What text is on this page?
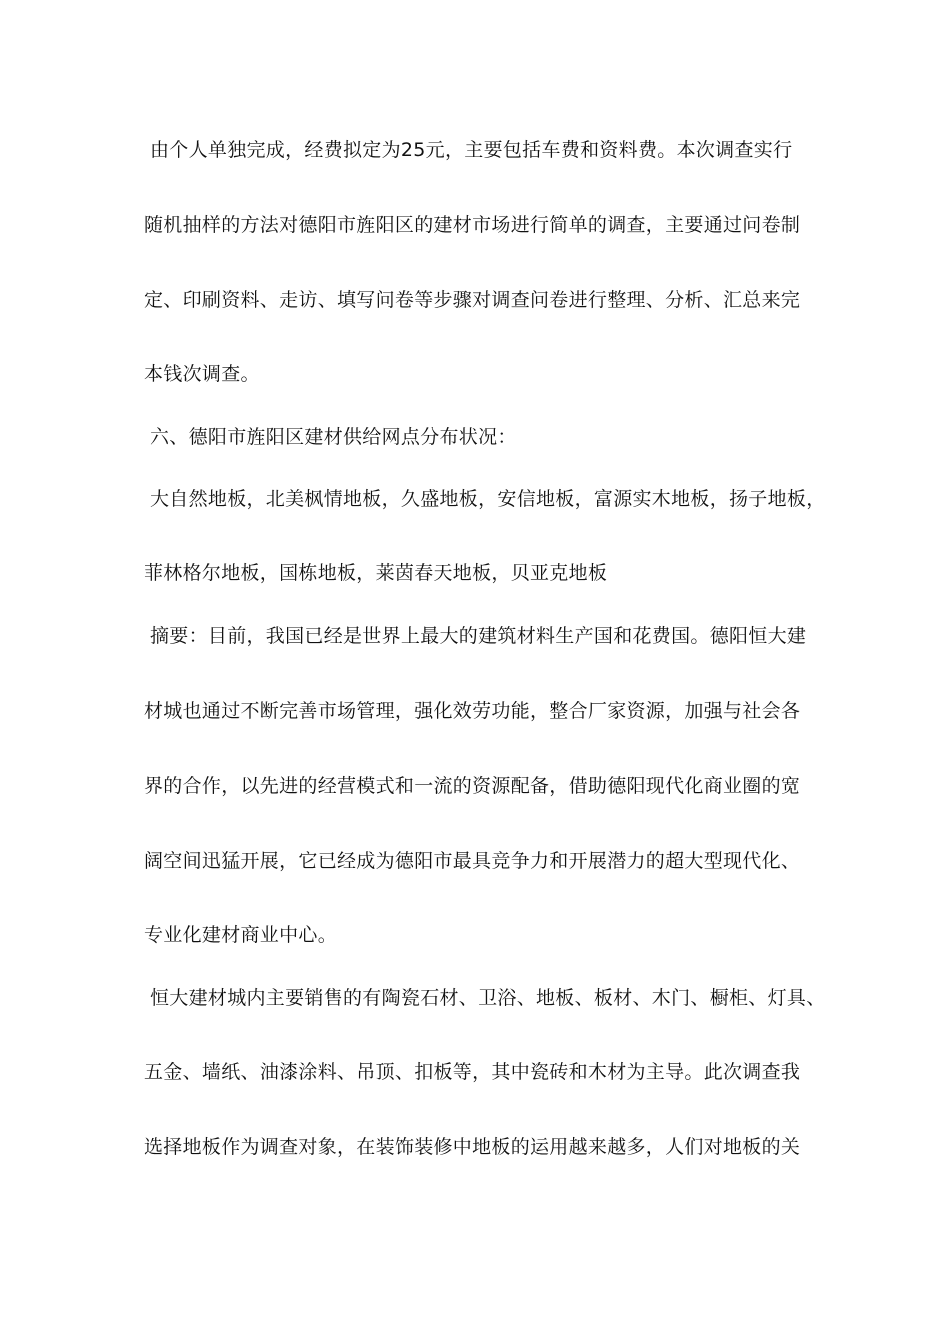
由个人单独完成，经费拟定为25元，主要包括车费和资料费。本次调查实行
随机抽样的方法对德阳市旌阳区的建材市场进行简单的调查，主要通过问卷制
定、印刷资料、走访、填写问卷等步骤对调查问卷进行整理、分析、汇总来完
本钱次调查。
六、德阳市旌阳区建材供给网点分布状况：
大自然地板，北美枫情地板，久盛地板，安信地板，富源实木地板，扬子地板，
菲林格尔地板，国栋地板，莱茵春天地板，贝亚克地板
摘要：目前，我国已经是世界上最大的建筑材料生产国和花费国。德阳恒大建
材城也通过不断完善市场管理，强化效劳功能，整合厂家资源，加强与社会各
界的合作，以先进的经营模式和一流的资源配备，借助德阳现代化商业圈的宽
阔空间迅猛开展，它已经成为德阳市最具竞争力和开展潜力的超大型现代化、
专业化建材商业中心。
恒大建材城内主要销售的有陶瓷石材、卫浴、地板、板材、木门、橱柜、灯具、
五金、墙纸、油漆涂料、吊顶、扣板等，其中瓷砖和木材为主导。此次调查我
选择地板作为调查对象，在装饰装修中地板的运用越来越多，人们对地板的关
